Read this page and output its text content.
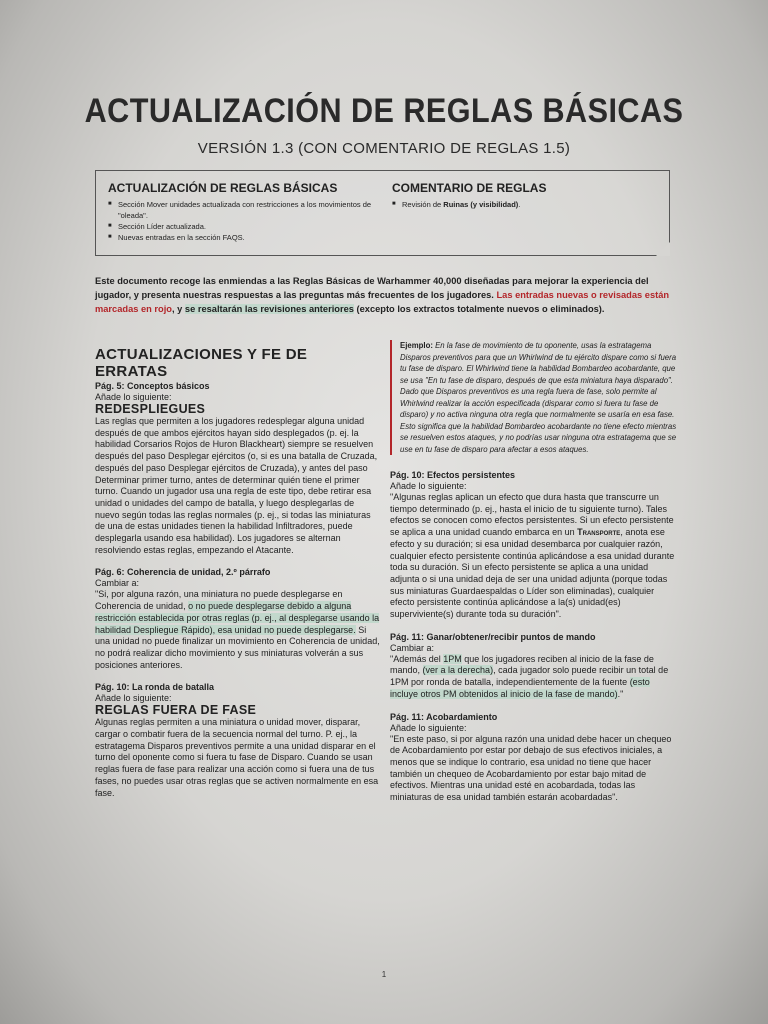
ACTUALIZACIÓN DE REGLAS BÁSICAS
VERSIÓN 1.3 (CON COMENTARIO DE REGLAS 1.5)
ACTUALIZACIÓN DE REGLAS BÁSICAS
■ Sección Mover unidades actualizada con restricciones a los movimientos de "oleada".
■ Sección Líder actualizada.
■ Nuevas entradas en la sección FAQS.
COMENTARIO DE REGLAS
■ Revisión de Ruinas (y visibilidad).
Este documento recoge las enmiendas a las Reglas Básicas de Warhammer 40,000 diseñadas para mejorar la experiencia del jugador, y presenta nuestras respuestas a las preguntas más frecuentes de los jugadores. Las entradas nuevas o revisadas están marcadas en rojo, y se resaltarán las revisiones anteriores (excepto los extractos totalmente nuevos o eliminados).
ACTUALIZACIONES Y FE DE ERRATAS
Pág. 5: Conceptos básicos
Añade lo siguiente:
REDESPLIEGUES

Las reglas que permiten a los jugadores redesplegar alguna unidad después de que ambos ejércitos hayan sido desplegados (p. ej. la habilidad Corsarios Rojos de Huron Blackheart) siempre se resuelven después del paso Desplegar ejércitos (o, si es una batalla de Cruzada, después del paso Desplegar ejércitos de Cruzada), y antes del paso Determinar primer turno, antes de determinar quién tiene el primer turno. Cuando un jugador usa una regla de este tipo, debe retirar esa unidad o unidades del campo de batalla, y luego desplegarlas de nuevo según todas las reglas normales (p. ej., si todas las miniaturas de una de estas unidades tienen la habilidad Infiltradores, puede desplegarla usando esa habilidad). Los jugadores se alternan resolviendo estas reglas, empezando el Atacante.

Pág. 6: Coherencia de unidad, 2.º párrafo
Cambiar a:

"Si, por alguna razón, una miniatura no puede desplegarse en Coherencia de unidad, o no puede desplegarse debido a alguna restricción establecida por otras reglas (p. ej., al desplegarse usando la habilidad Despliegue Rápido), esa unidad no puede desplegarse. Si una unidad no puede finalizar un movimiento en Coherencia de unidad, no podrá realizar dicho movimiento y sus miniaturas volverán a sus posiciones anteriores.

Pág. 10: La ronda de batalla
Añade lo siguiente:
REGLAS FUERA DE FASE

Algunas reglas permiten a una miniatura o unidad mover, disparar, cargar o combatir fuera de la secuencia normal del turno. P. ej., la estratagema Disparos preventivos permite a una unidad disparar en el turno del oponente como si fuera tu fase de Disparo. Cuando se usan reglas fuera de fase para realizar una acción como si fuera una de tus fases, no puedes usar otras reglas que se activen normalmente en esa fase.

Ejemplo: En la fase de movimiento de tu oponente, usas la estratagema Disparos preventivos para que un Whirlwind de tu ejército dispare como si fuera tu fase de disparo. El Whirlwind tiene la habilidad Bombardeo acobardante, que se usa "En tu fase de disparo, después de que esta miniatura haya disparado". Dado que Disparos preventivos es una regla fuera de fase, solo permite al Whirlwind realizar la acción especificada (disparar como si fuera tu fase de disparo) y no activa ninguna otra regla que normalmente se usaría en esa fase. Esto significa que la habilidad Bombardeo acobardante no tiene efecto mientras se resuelven estos ataques, y no podrías usar ninguna otra estratagema que se use en tu fase de disparo para afectar a esos ataques.
Pág. 10: Efectos persistentes
Añade lo siguiente:

"Algunas reglas aplican un efecto que dura hasta que transcurre un tiempo determinado (p. ej., hasta el inicio de tu siguiente turno). Tales efectos se conocen como efectos persistentes. Si un efecto persistente se aplica a una unidad cuando embarca en un Transporte, anota ese efecto y su duración; si esa unidad desembarca por cualquier razón, cualquier efecto persistente continúa aplicándose a esa unidad durante toda su duración. Si un efecto persistente se aplica a una unidad adjunta o si una unidad deja de ser una unidad adjunta (porque todas sus miniaturas Guardaespaldas o Líder son eliminadas), cualquier efecto persistente continúa aplicándose a la(s) unidad(es) superviviente(s) durante toda su duración".

Pág. 11: Ganar/obtener/recibir puntos de mando
Cambiar a:

"Además del 1PM que los jugadores reciben al inicio de la fase de mando, (ver a la derecha), cada jugador solo puede recibir un total de 1PM por ronda de batalla, independientemente de la fuente (esto incluye otros PM obtenidos al inicio de la fase de mando)."

Pág. 11: Acobardamiento
Añade lo siguiente:

"En este paso, si por alguna razón una unidad debe hacer un chequeo de Acobardamiento por estar por debajo de sus efectivos iniciales, a menos que se indique lo contrario, esa unidad no tiene que hacer también un chequeo de Acobardamiento por estar bajo mitad de efectivos. Mientras una unidad esté en acobardada, todas las miniaturas de esa unidad también estarán acobardadas".

1
